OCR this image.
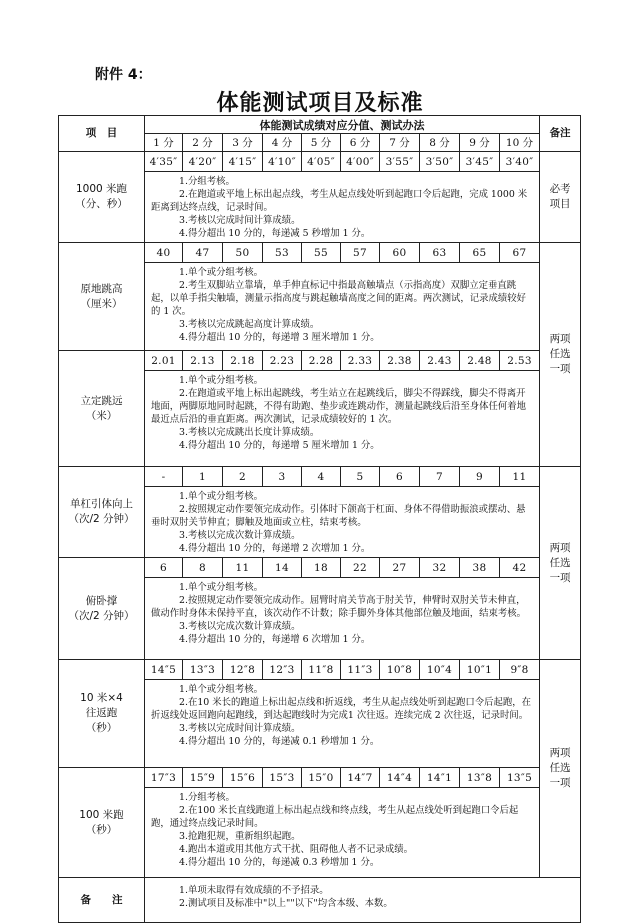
附件 4：
体能测试项目及标准
项　目	体能测试成绩对应分值、测试办法										备注
	1 分	2 分	3 分	4 分	5 分	6 分	7 分	8 分	9 分	10 分	
1000 米跑
（分、秒）	4′35″	4′20″	4′15″	4′10″	4′05″	4′00″	3′55″	3′50″	3′45″	3′40″	必考
项目

	1.分组考核。
2.在跑道或平地上标出起点线，考生从起点线处听到起跑口令后起跑，完成 1000 米距离到达终点线，记录时间。
3.考核以完成时间计算成绩。
4.得分超出 10 分的，每递减 5 秒增加 1 分。										

原地跳高
（厘米）	40	47	50	53	55	57	60	63	65	67	两项
任选
一项

	1.单个或分组考核。
2.考生双脚站立靠墙，单手伸直标记中指最高触墙点（示指高度）双脚立定垂直跳起，以单手指尖触墙，测量示指高度与跳起触墙高度之间的距离。两次测试，记录成绩较好的 1 次。
3.考核以完成跳起高度计算成绩。
4.得分超出 10 分的，每递增 3 厘米增加 1 分。										

立定跳远
（米）	2.01	2.13	2.18	2.23	2.28	2.33	2.38	2.43	2.48	2.53	

	1.单个或分组考核。
2.在跑道或平地上标出起跳线，考生站立在起跳线后，脚尖不得踩线，脚尖不得离开地面，两脚原地同时起跳，不得有助跑、垫步或连跳动作，测量起跳线后沿至身体任何着地最近点后沿的垂直距离。两次测试，记录成绩较好的 1 次。
3.考核以完成跳出长度计算成绩。
4.得分超出 10 分的，每递增 5 厘米增加 1 分。										

单杠引体向上
（次/2 分钟）	-	1	2	3	4	5	6	7	9	11	两项
任选
一项

	1.单个或分组考核。
2.按照规定动作要领完成动作。引体时下颌高于杠面、身体不得借助振浪或摆动、悬垂时双肘关节伸直；脚触及地面或立柱，结束考核。
3.考核以完成次数计算成绩。
4.得分超出 10 分的，每递增 2 次增加 1 分。										

俯卧撑
（次/2 分钟）	6	8	11	14	18	22	27	32	38	42	

	1.单个或分组考核。
2.按照规定动作要领完成动作。屈臂时肩关节高于肘关节，伸臂时双肘关节未伸直，做动作时身体未保持平直，该次动作不计数；除手脚外身体其他部位触及地面，结束考核。
3.考核以完成次数计算成绩。
4.得分超出 10 分的，每递增 6 次增加 1 分。										

10 米×4
往返跑
（秒）	14″5	13″3	12″8	12″3	11″8	11″3	10″8	10″4	10″1	9″8	两项
任选
一项

	1.单个或分组考核。
2.在10 米长的跑道上标出起点线和折返线，考生从起点线处听到起跑口令后起跑，在折返线处返回跑向起跑线，到达起跑线时为完成1 次往返。连续完成 2 次往返，记录时间。
3.考核以完成时间计算成绩。
4.得分超出 10 分的，每递减 0.1 秒增加 1 分。										

100 米跑
（秒）	17″3	15″9	15″6	15″3	15″0	14″7	14″4	14″1	13″8	13″5	

	1.分组考核。
2.在100 米长直线跑道上标出起点线和终点线，考生从起点线处听到起跑口令后起跑，通过终点线记录时间。
3.抢跑犯规，重新组织起跑。
4.跑出本道或用其他方式干扰、阻碍他人者不记录成绩。
4.得分超出 10 分的，每递减 0.3 秒增加 1 分。										

备　　注	1.单项未取得有效成绩的不予招录。
2.测试项目及标准中"以上""以下"均含本级、本数。										
